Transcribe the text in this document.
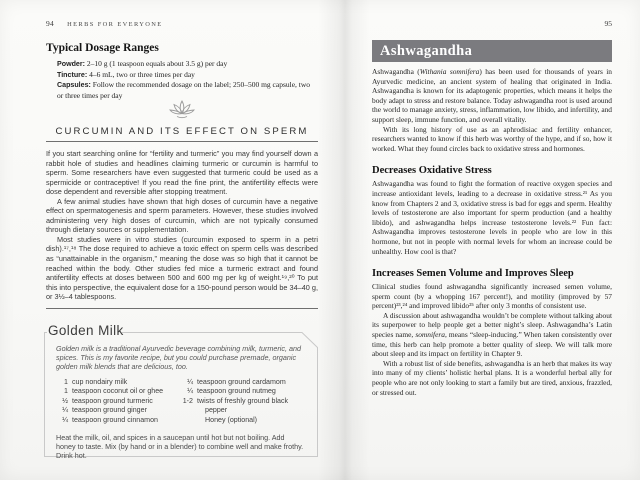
94 HERBS FOR EVERYONE
Typical Dosage Ranges

Powder: 2–10 g (1 teaspoon equals about 3.5 g) per day

Tincture: 4–6 mL, two or three times per day

Capsules: Follow the recommended dosage on the label; 250–500 mg capsule, two or three times per day

CURCUMIN AND ITS EFFECT ON SPERM

If you start searching online for “fertility and turmeric” you may find yourself down a rabbit hole of studies and headlines claiming turmeric or curcumin is harmful to sperm. Some researchers have even suggested that turmeric could be used as a spermicide or contraceptive! If you read the fine print, the antifertility effects were dose dependent and reversible after stopping treatment.

A few animal studies have shown that high doses of curcumin have a negative effect on spermatogenesis and sperm parameters. However, these studies involved administering very high doses of curcumin, which are not typically consumed through dietary sources or supplementation.

Most studies were in vitro studies (curcumin exposed to sperm in a petri dish).¹⁷,¹⁸ The dose required to achieve a toxic effect on sperm cells was described as “unattainable in the organism,” meaning the dose was so high that it cannot be reached within the body. Other studies fed mice a turmeric extract and found antifertility effects at doses between 500 and 600 mg per kg of weight.¹⁹,²⁰ To put this into perspective, the equivalent dose for a 150-pound person would be 34–40 g, or 3½–4 tablespoons.

Golden Milk

Golden milk is a traditional Ayurvedic beverage combining milk, turmeric, and spices. This is my favorite recipe, but you could purchase premade, organic golden milk blends that are delicious, too.

1 cup nondairy milk
1 teaspoon coconut oil or ghee
½ teaspoon ground turmeric
¼ teaspoon ground ginger
¼ teaspoon ground cinnamon
¼ teaspoon ground cardamom
¼ teaspoon ground nutmeg
1-2 twists of freshly ground black pepper
Honey (optional)

Heat the milk, oil, and spices in a saucepan until hot but not boiling. Add honey to taste. Mix (by hand or in a blender) to combine well and make frothy. Drink hot.

95
Ashwagandha

Ashwagandha (Withania somnifera) has been used for thousands of years in Ayurvedic medicine, an ancient system of healing that originated in India. Ashwagandha is known for its adaptogenic properties, which means it helps the body adapt to stress and restore balance. Today ashwagandha root is used around the world to manage anxiety, stress, inflammation, low libido, and infertility, and support sleep, immune function, and overall vitality.

With its long history of use as an aphrodisiac and fertility enhancer, researchers wanted to know if this herb was worthy of the hype, and if so, how it worked. What they found circles back to oxidative stress and hormones.

Decreases Oxidative Stress

Ashwagandha was found to fight the formation of reactive oxygen species and increase antioxidant levels, leading to a decrease in oxidative stress.²¹ As you know from Chapters 2 and 3, oxidative stress is bad for eggs and sperm. Healthy levels of testosterone are also important for sperm production (and a healthy libido), and ashwagandha helps increase testosterone levels.²² Fun fact: Ashwagandha improves testosterone levels in people who are low in this hormone, but not in people with normal levels for whom an increase could be unhealthy. How cool is that?

Increases Semen Volume and Improves Sleep

Clinical studies found ashwagandha significantly increased semen volume, sperm count (by a whopping 167 percent!), and motility (improved by 57 percent)²³,²⁴ and improved libido²⁵ after only 3 months of consistent use.

A discussion about ashwagandha wouldn’t be complete without talking about its superpower to help people get a better night’s sleep. Ashwagandha’s Latin species name, somnifera, means “sleep-inducing.” When taken consistently over time, this herb can help promote a better quality of sleep. We will talk more about sleep and its impact on fertility in Chapter 9.

With a robust list of side benefits, ashwagandha is an herb that makes its way into many of my clients’ holistic herbal plans. It is a wonderful herbal ally for people who are not only looking to start a family but are tired, anxious, frazzled, or stressed out.
